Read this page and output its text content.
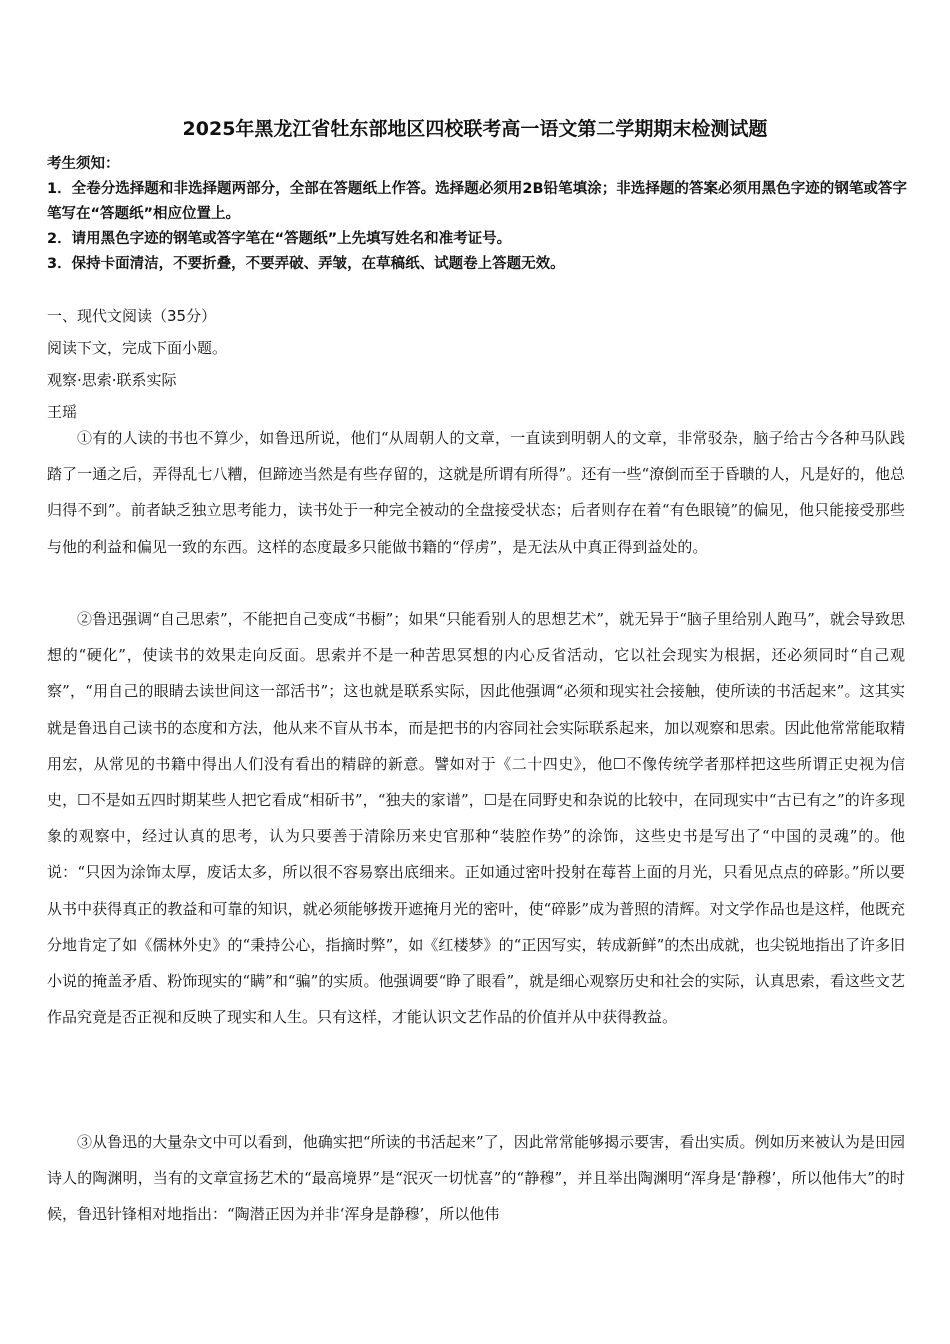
2025年黑龙江省牡东部地区四校联考高一语文第二学期期末检测试题
考生须知：
1．全卷分选择题和非选择题两部分，全部在答题纸上作答。选择题必须用2B铅笔填涂；非选择题的答案必须用黑色字迹的钢笔或答字笔写在“答题纸”相应位置上。
2．请用黑色字迹的钢笔或答字笔在“答题纸”上先填写姓名和准考证号。
3．保持卡面清洁，不要折叠，不要弄破、弄皱，在草稿纸、试题卷上答题无效。
一、现代文阅读（35分）
阅读下文，完成下面小题。
观察·思索·联系实际
王瑶
①有的人读的书也不算少，如鲁迅所说，他们“从周朝人的文章，一直读到明朝人的文章，非常驳杂，脑子给古今各种马队践踏了一通之后，弄得乱七八糟，但蹄迹当然是有些存留的，这就是所谓有所得”。还有一些“潦倒而至于昏聩的人，凡是好的，他总归得不到”。前者缺乏独立思考能力，读书处于一种完全被动的全盘接受状态；后者则存在着“有色眼镜”的偏见，他只能接受那些与他的利益和偏见一致的东西。这样的态度最多只能做书籍的“俘虏”，是无法从中真正得到益处的。
②鲁迅强调“自己思索”，不能把自己变成“书橱”；如果“只能看别人的思想艺术”，就无异于“脑子里给别人跑马”，就会导致思想的“硬化”，使读书的效果走向反面。思索并不是一种苦思冥想的内心反省活动，它以社会现实为根据，还必须同时“自己观察”，“用自己的眼睛去读世间这一部活书”；这也就是联系实际，因此他强调“必须和现实社会接触，使所读的书活起来”。这其实就是鲁迅自己读书的态度和方法，他从来不盲从书本，而是把书的内容同社会实际联系起来，加以观察和思索。因此他常常能取精用宏，从常见的书籍中得出人们没有看出的精辟的新意。譬如对于《二十四史》，他☐不像传统学者那样把这些所谓正史视为信史，☐不是如五四时期某些人把它看成“相斫书”，“独夫的家谱”，☐是在同野史和杂说的比较中，在同现实中“古已有之”的许多现象的观察中，经过认真的思考，认为只要善于清除历来史官那种“装腔作势”的涂饰，这些史书是写出了“中国的灵魂”的。他说：“只因为涂饰太厚，废话太多，所以很不容易察出底细来。正如通过密叶投射在莓苔上面的月光，只看见点点的碎影。”所以要从书中获得真正的教益和可靠的知识，就必须能够拨开遮掩月光的密叶，使“碎影”成为普照的清辉。对文学作品也是这样，他既充分地肯定了如《儒林外史》的“秉持公心，指摘时弊”，如《红楼梦》的“正因写实，转成新鲜”的杰出成就，也尖锐地指出了许多旧小说的掩盖矛盾、粉饰现实的“瞒”和“骗”的实质。他强调要“睁了眼看”，就是细心观察历史和社会的实际，认真思索，看这些文艺作品究竟是否正视和反映了现实和人生。只有这样，才能认识文艺作品的价值并从中获得教益。
③从鲁迅的大量杂文中可以看到，他确实把“所读的书活起来”了，因此常常能够揭示要害，看出实质。例如历来被认为是田园诗人的陶渊明，当有的文章宣扬艺术的“最高境界”是“泯灭一切忧喜”的“静穆”，并且举出陶渊明“浑身是‘静穆’，所以他伟大”的时候，鲁迅针锋相对地指出：“陶潜正因为并非‘浑身是静穆’，所以他伟
